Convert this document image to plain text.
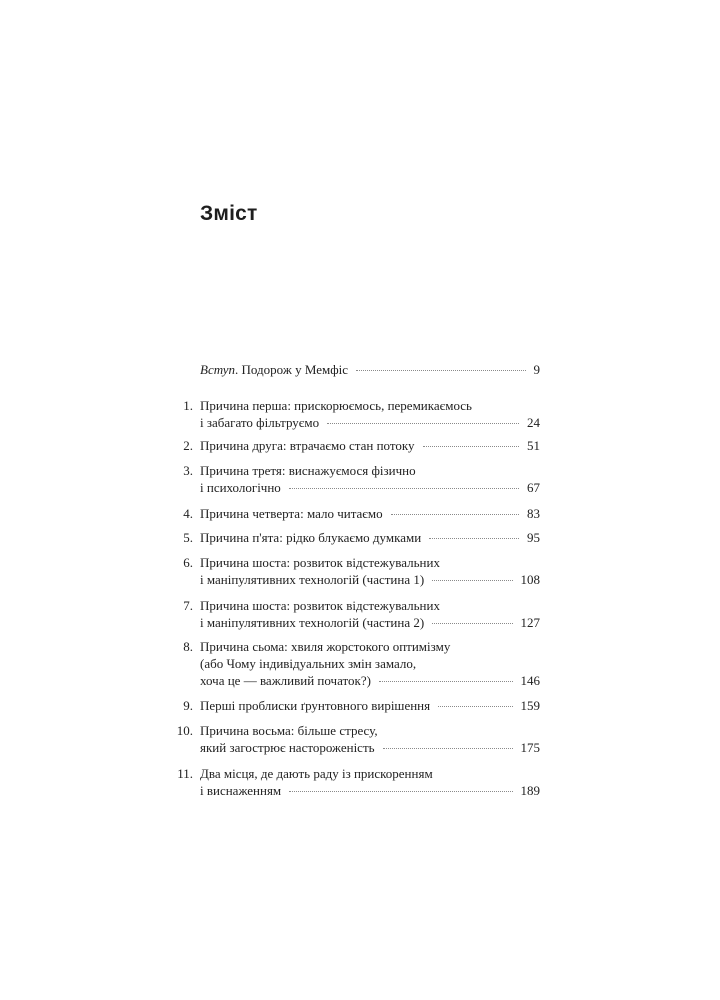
Зміст
Вступ. Подорож у Мемфіс	9
1. Причина перша: прискорюємось, перемикаємось
і забагато фільтруємо	24
2. Причина друга: втрачаємо стан потоку	51
3. Причина третя: виснажуємося фізично
і психологічно	67
4. Причина четверта: мало читаємо	83
5. Причина п'ята: рідко блукаємо думками	95
6. Причина шоста: розвиток відстежувальних
і маніпулятивних технологій (частина 1)	108
7. Причина шоста: розвиток відстежувальних
і маніпулятивних технологій (частина 2)	127
8. Причина сьома: хвиля жорстокого оптимізму
(або Чому індивідуальних змін замало,
хоча це — важливий початок?)	146
9. Перші проблиски ґрунтовного вирішення	159
10. Причина восьма: більше стресу,
який загострює настороженість	175
11. Два місця, де дають раду із прискоренням
і виснаженням	189
